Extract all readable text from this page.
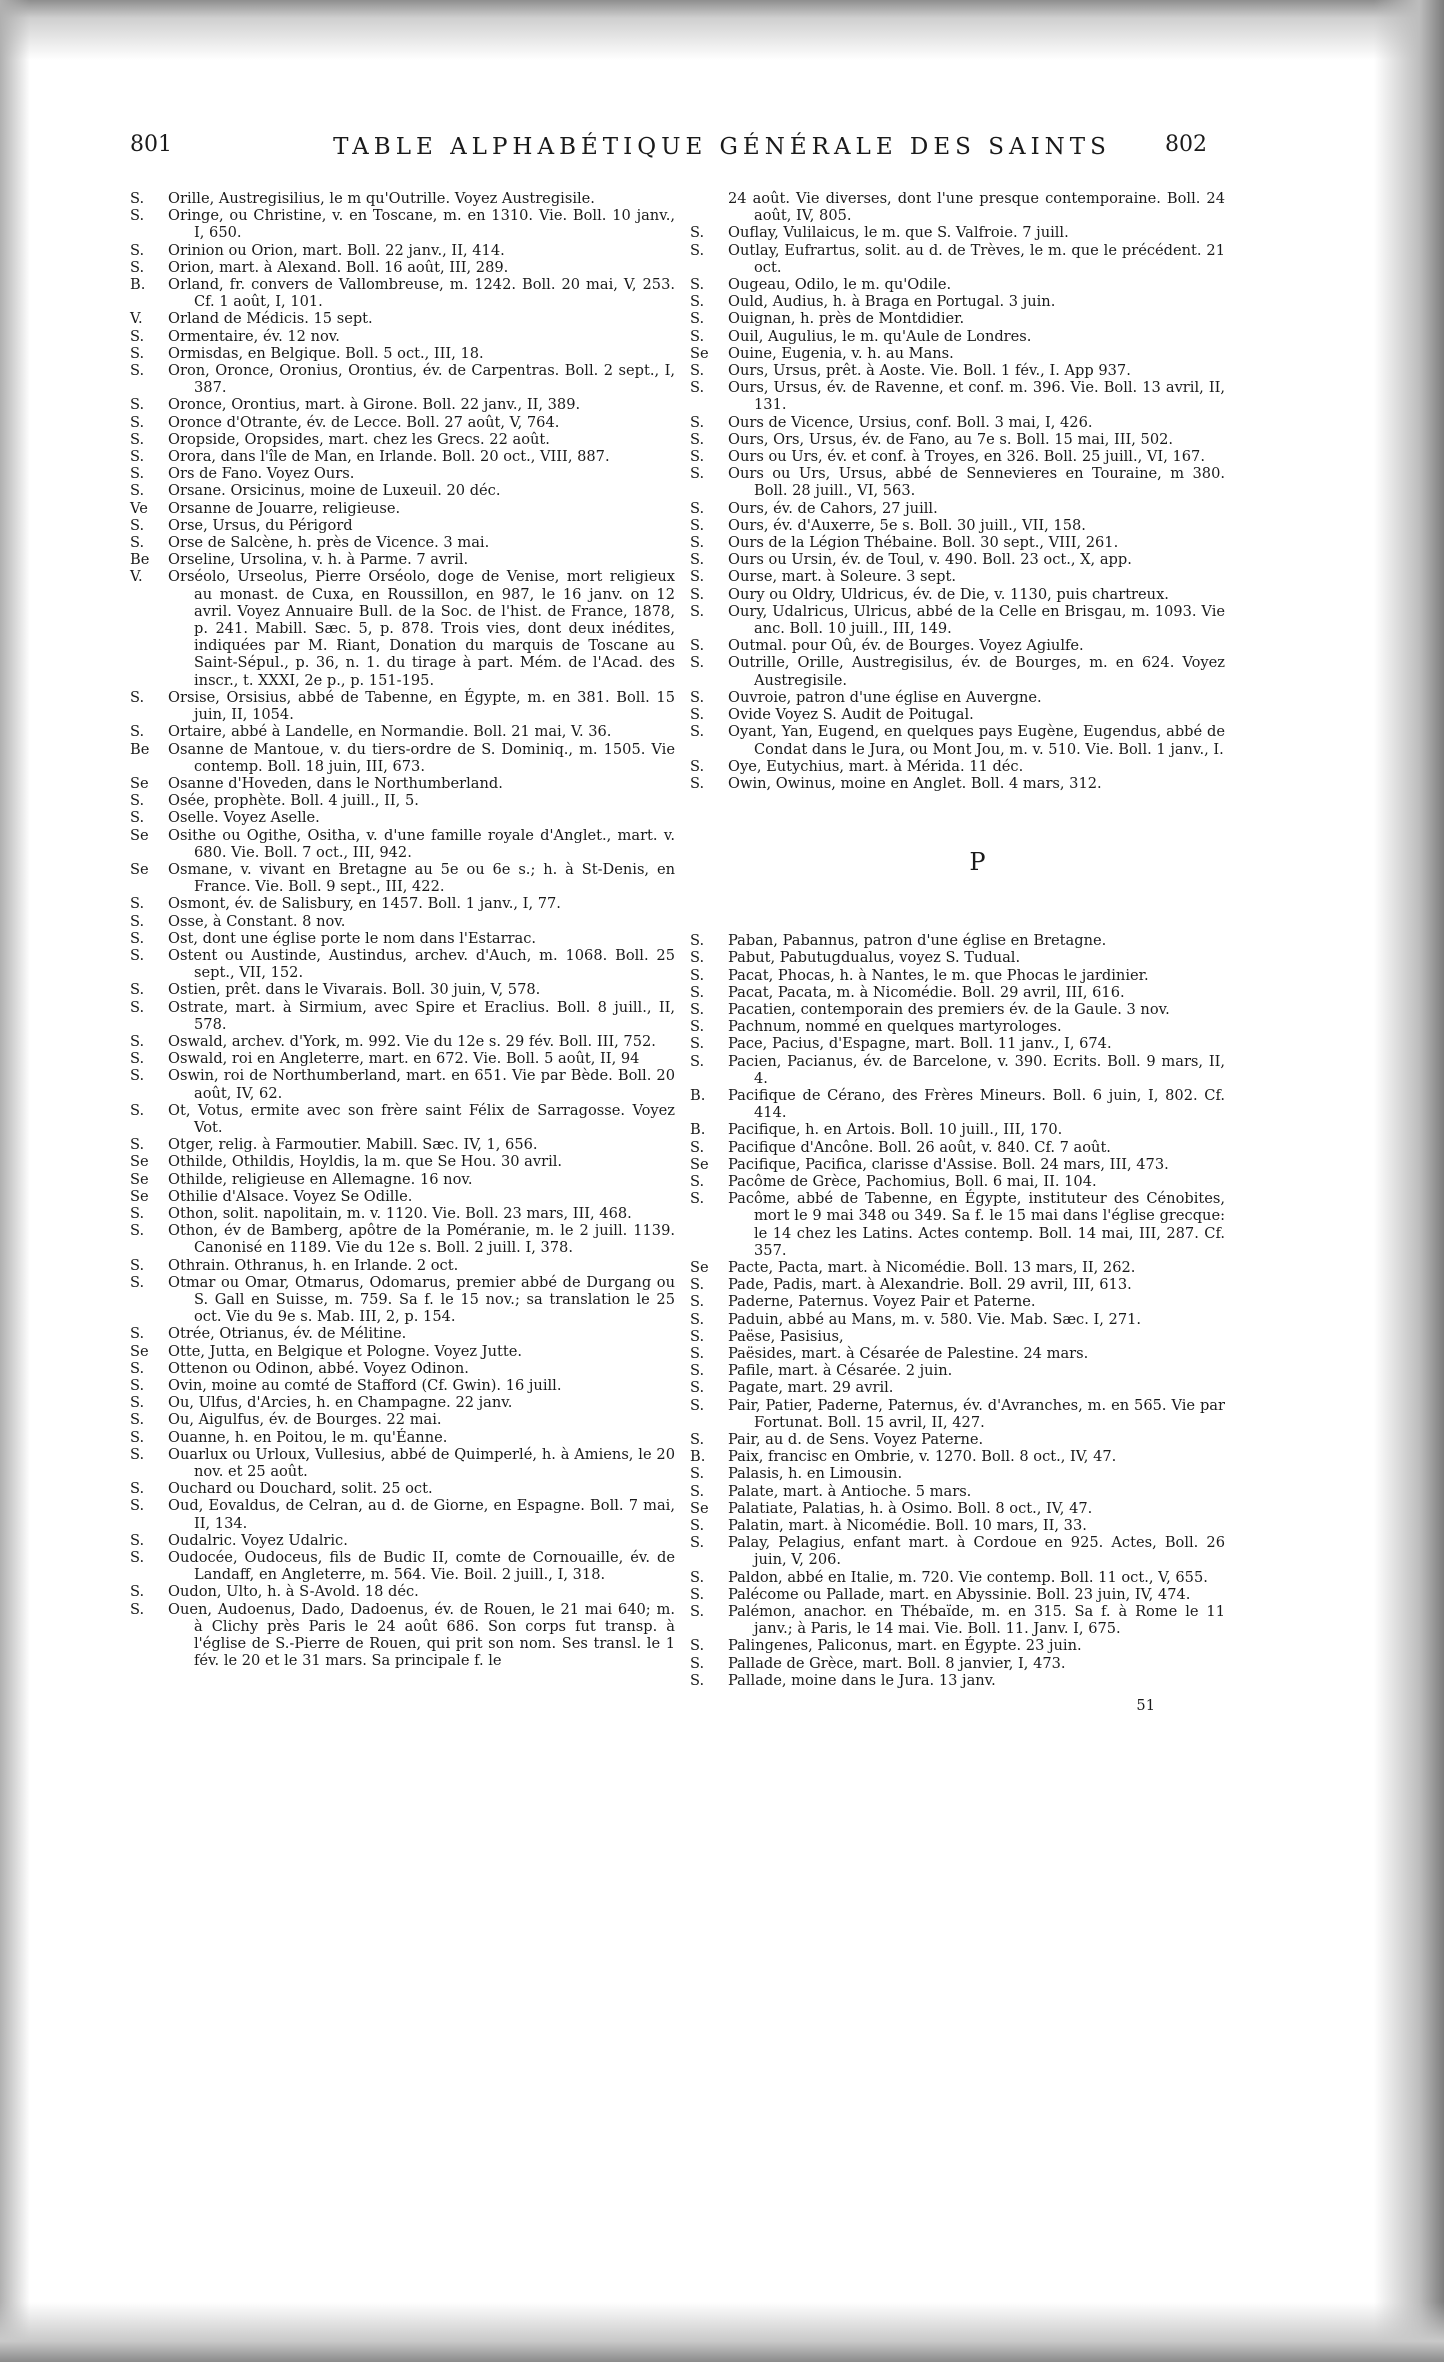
801	TABLE ALPHABÉTIQUE GÉNÉRALE DES SAINTS	802
S. Orille, Austregisilius, le m qu'Outrille. Voyez Austregisile.
S. Oringe, ou Christine, v. en Toscane, m. en 1310. Vie. Boll. 10 janv., I, 650.
S. Orinion ou Orion, mart. Boll. 22 janv., II, 414.
S. Orion, mart. à Alexand. Boll. 16 août, III, 289.
B. Orland, fr. convers de Vallombreuse, m. 1242. Boll. 20 mai, V, 253. Cf. 1 août, I, 101.
V. Orland de Médicis. 15 sept.
S. Ormentaire, év. 12 nov.
S. Ormisdas, en Belgique. Boll. 5 oct., III, 18.
S. Oron, Oronce, Oronius, Orontius, év. de Carpentras. Boll. 2 sept., I, 387.
S. Oronce, Orontius, mart. à Girone. Boll. 22 janv., II, 389.
S. Oronce d'Otrante, év. de Lecce. Boll. 27 août, V, 764.
S. Oropside, Oropsides, mart. chez les Grecs. 22 août.
S. Orora, dans l'île de Man, en Irlande. Boll. 20 oct., VIII, 887.
S. Ors de Fano. Voyez Ours.
S. Orsane. Orsicinus, moine de Luxeuil. 20 déc.
Ve Orsanne de Jouarre, religieuse.
S. Orse, Ursus, du Périgord
S. Orse de Salcène, h. près de Vicence. 3 mai.
Be Orseline, Ursolina, v. h. à Parme. 7 avril.
V. Orséolo, Urseolus, Pierre Orséolo, doge de Venise, mort religieux au monast. de Cuxa, en Roussillon, en 987, le 16 janv. on 12 avril. Voyez Annuaire Bull. de la Soc. de l'hist. de France, 1878, p. 241. Mabill. Sæc. 5, p. 878. Trois vies, dont deux inédites, indiquées par M. Riant, Donation du marquis de Toscane au Saint-Sépul., p. 36, n. 1. du tirage à part. Mém. de l'Acad. des inscr., t. XXXI, 2e p., p. 151-195.
S. Orsise, Orsisius, abbé de Tabenne, en Égypte, m. en 381. Boll. 15 juin, II, 1054.
S. Ortaire, abbé à Landelle, en Normandie. Boll. 21 mai, V. 36.
Be Osanne de Mantoue, v. du tiers-ordre de S. Dominiq., m. 1505. Vie contemp. Boll. 18 juin, III, 673.
Se Osanne d'Hoveden, dans le Northumberland.
S. Osée, prophète. Boll. 4 juill., II, 5.
S. Oselle. Voyez Aselle.
Se Osithe ou Ogithe, Ositha, v. d'une famille royale d'Anglet., mart. v. 680. Vie. Boll. 7 oct., III, 942.
Se Osmane, v. vivant en Bretagne au 5e ou 6e s.; h. à St-Denis, en France. Vie. Boll. 9 sept., III, 422.
S. Osmont, év. de Salisbury, en 1457. Boll. 1 janv., I, 77.
S. Osse, à Constant. 8 nov.
S. Ost, dont une église porte le nom dans l'Estarrac.
S. Ostent ou Austinde, Austindus, archev. d'Auch, m. 1068. Boll. 25 sept., VII, 152.
S. Ostien, prêt. dans le Vivarais. Boll. 30 juin, V, 578.
S. Ostrate, mart. à Sirmium, avec Spire et Eraclius. Boll. 8 juill., II, 578.
S. Oswald, archev. d'York, m. 992. Vie du 12e s. 29 fév. Boll. III, 752.
S. Oswald, roi en Angleterre, mart. en 672. Vie. Boll. 5 août, II, 94
S. Oswin, roi de Northumberland, mart. en 651. Vie par Bède. Boll. 20 août, IV, 62.
S. Ot, Votus, ermite avec son frère saint Félix de Sarragosse. Voyez Vot.
S. Otger, relig. à Farmoutier. Mabill. Sæc. IV, 1, 656.
Se Othilde, Othildis, Hoyldis, la m. que Se Hou. 30 avril.
Se Othilde, religieuse en Allemagne. 16 nov.
Se Othilie d'Alsace. Voyez Se Odille.
S. Othon, solit. napolitain, m. v. 1120. Vie. Boll. 23 mars, III, 468.
S. Othon, év de Bamberg, apôtre de la Poméranie, m. le 2 juill. 1139. Canonisé en 1189. Vie du 12e s. Boll. 2 juill. I, 378.
S. Othrain. Othranus, h. en Irlande. 2 oct.
S. Otmar ou Omar, Otmarus, Odomarus, premier abbé de Durgang ou S. Gall en Suisse, m. 759. Sa f. le 15 nov.; sa translation le 25 oct. Vie du 9e s. Mab. III, 2, p. 154.
S. Otrée, Otrianus, év. de Mélitine.
Se Otte, Jutta, en Belgique et Pologne. Voyez Jutte.
S. Ottenon ou Odinon, abbé. Voyez Odinon.
S. Ovin, moine au comté de Stafford (Cf. Gwin). 16 juill.
S. Ou, Ulfus, d'Arcies, h. en Champagne. 22 janv.
S. Ou, Aigulfus, év. de Bourges. 22 mai.
S. Ouanne, h. en Poitou, le m. qu'Éanne.
S. Ouarlux ou Urloux, Vullesius, abbé de Quimperlé, h. à Amiens, le 20 nov. et 25 août.
S. Ouchard ou Douchard, solit. 25 oct.
S. Oud, Eovaldus, de Celran, au d. de Giorne, en Espagne. Boll. 7 mai, II, 134.
S. Oudalric. Voyez Udalric.
S. Oudocée, Oudoceus, fils de Budic II, comte de Cornouaille, év. de Landaff, en Angleterre, m. 564. Vie. Boil. 2 juill., I, 318.
S. Oudon, Ulto, h. à S-Avold. 18 déc.
S. Ouen, Audoenus, Dado, Dadoenus, év. de Rouen, le 21 mai 640; m. à Clichy près Paris le 24 août 686. Son corps fut transp. à l'église de S.-Pierre de Rouen, qui prit son nom. Ses transl. le 1 fév. le 20 et le 31 mars. Sa principale f. le
24 août. Vie diverses, dont l'une presque contemporaine. Boll. 24 août, IV, 805.
S. Ouflay, Vulilaicus, le m. que S. Valfroie. 7 juill.
S. Outlay, Eufrartus, solit. au d. de Trèves, le m. que le précédent. 21 oct.
S. Ougeau, Odilo, le m. qu'Odile.
S. Ould, Audius, h. à Braga en Portugal. 3 juin.
S. Ouignan, h. près de Montdidier.
S. Ouil, Augulius, le m. qu'Aule de Londres.
Se Ouine, Eugenia, v. h. au Mans.
S. Ours, Ursus, prêt. à Aoste. Vie. Boll. 1 fév., I. App 937.
S. Ours, Ursus, év. de Ravenne, et conf. m. 396. Vie. Boll. 13 avril, II, 131.
S. Ours de Vicence, Ursius, conf. Boll. 3 mai, I, 426.
S. Ours, Ors, Ursus, év. de Fano, au 7e s. Boll. 15 mai, III, 502.
S. Ours ou Urs, év. et conf. à Troyes, en 326. Boll. 25 juill., VI, 167.
S. Ours ou Urs, Ursus, abbé de Sennevieres en Touraine, m 380. Boll. 28 juill., VI, 563.
S. Ours, év. de Cahors, 27 juill.
S. Ours, év. d'Auxerre, 5e s. Boll. 30 juill., VII, 158.
S. Ours de la Légion Thébaine. Boll. 30 sept., VIII, 261.
S. Ours ou Ursin, év. de Toul, v. 490. Boll. 23 oct., X, app.
S. Ourse, mart. à Soleure. 3 sept.
S. Oury ou Oldry, Uldricus, év. de Die, v. 1130, puis chartreux.
S. Oury, Udalricus, Ulricus, abbé de la Celle en Brisgau, m. 1093. Vie anc. Boll. 10 juill., III, 149.
S. Outmal. pour Oû, év. de Bourges. Voyez Agiulfe.
S. Outrille, Orille, Austregisilus, év. de Bourges, m. en 624. Voyez Austregisile.
S. Ouvroie, patron d'une église en Auvergne.
S. Ovide Voyez S. Audit de Poitugal.
S. Oyant, Yan, Eugend, en quelques pays Eugène, Eugendus, abbé de Condat dans le Jura, ou Mont Jou, m. v. 510. Vie. Boll. 1 janv., I.
S. Oye, Eutychius, mart. à Mérida. 11 déc.
S. Owin, Owinus, moine en Anglet. Boll. 4 mars, 312.
P
S. Paban, Pabannus, patron d'une église en Bretagne.
S. Pabut, Pabutugdualus, voyez S. Tudual.
S. Pacat, Phocas, h. à Nantes, le m. que Phocas le jardinier.
S. Pacat, Pacata, m. à Nicomédie. Boll. 29 avril, III, 616.
S. Pacatien, contemporain des premiers év. de la Gaule. 3 nov.
S. Pachnum, nommé en quelques martyrologes.
S. Pace, Pacius, d'Espagne, mart. Boll. 11 janv., I, 674.
S. Pacien, Pacianus, év. de Barcelone, v. 390. Ecrits. Boll. 9 mars, II, 4.
B. Pacifique de Cérano, des Frères Mineurs. Boll. 6 juin, I, 802. Cf. 414.
B. Pacifique, h. en Artois. Boll. 10 juill., III, 170.
S. Pacifique d'Ancône. Boll. 26 août, v. 840. Cf. 7 août.
Se Pacifique, Pacifica, clarisse d'Assise. Boll. 24 mars, III, 473.
S. Pacôme de Grèce, Pachomius, Boll. 6 mai, II. 104.
S. Pacôme, abbé de Tabenne, en Égypte, instituteur des Cénobites, mort le 9 mai 348 ou 349. Sa f. le 15 mai dans l'église grecque: le 14 chez les Latins. Actes contemp. Boll. 14 mai, III, 287. Cf. 357.
Se Pacte, Pacta, mart. à Nicomédie. Boll. 13 mars, II, 262.
S. Pade, Padis, mart. à Alexandrie. Boll. 29 avril, III, 613.
S. Paderne, Paternus. Voyez Pair et Paterne.
S. Paduin, abbé au Mans, m. v. 580. Vie. Mab. Sæc. I, 271.
S. Paëse, Pasisius,
S. Paësides, mart. à Césarée de Palestine. 24 mars.
S. Pafile, mart. à Césarée. 2 juin.
S. Pagate, mart. 29 avril.
S. Pair, Patier, Paderne, Paternus, év. d'Avranches, m. en 565. Vie par Fortunat. Boll. 15 avril, II, 427.
S. Pair, au d. de Sens. Voyez Paterne.
B. Paix, francisc en Ombrie, v. 1270. Boll. 8 oct., IV, 47.
S. Palasis, h. en Limousin.
S. Palate, mart. à Antioche. 5 mars.
Se Palatiate, Palatias, h. à Osimo. Boll. 8 oct., IV, 47.
S. Palatin, mart. à Nicomédie. Boll. 10 mars, II, 33.
S. Palay, Pelagius, enfant mart. à Cordoue en 925. Actes, Boll. 26 juin, V, 206.
S. Paldon, abbé en Italie, m. 720. Vie contemp. Boll. 11 oct., V, 655.
S. Palécome ou Pallade, mart. en Abyssinie. Boll. 23 juin, IV, 474.
S. Palémon, anachor. en Thébaïde, m. en 315. Sa f. à Rome le 11 janv.; à Paris, le 14 mai. Vie. Boll. 11. Janv. I, 675.
S. Palingenes, Paliconus, mart. en Égypte. 23 juin.
S. Pallade de Grèce, mart. Boll. 8 janvier, I, 473.
S. Pallade, moine dans le Jura. 13 janv.
51
